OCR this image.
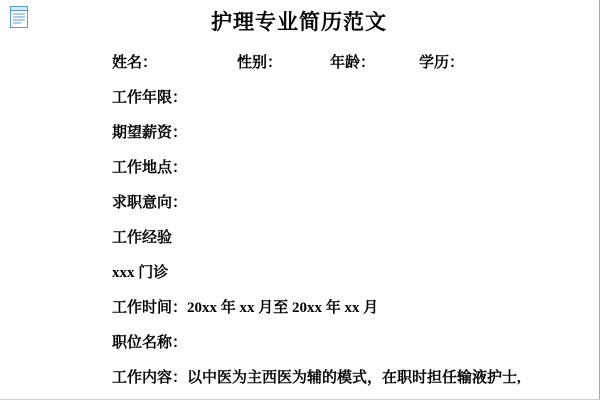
护理专业简历范文
姓名：	性别：	年龄：	学历：
工作年限：
期望薪资：
工作地点：
求职意向：
工作经验
xxx 门诊
工作时间：20xx 年 xx 月至 20xx 年 xx 月
职位名称：
工作内容：以中医为主西医为辅的模式，在职时担任输液护士,
